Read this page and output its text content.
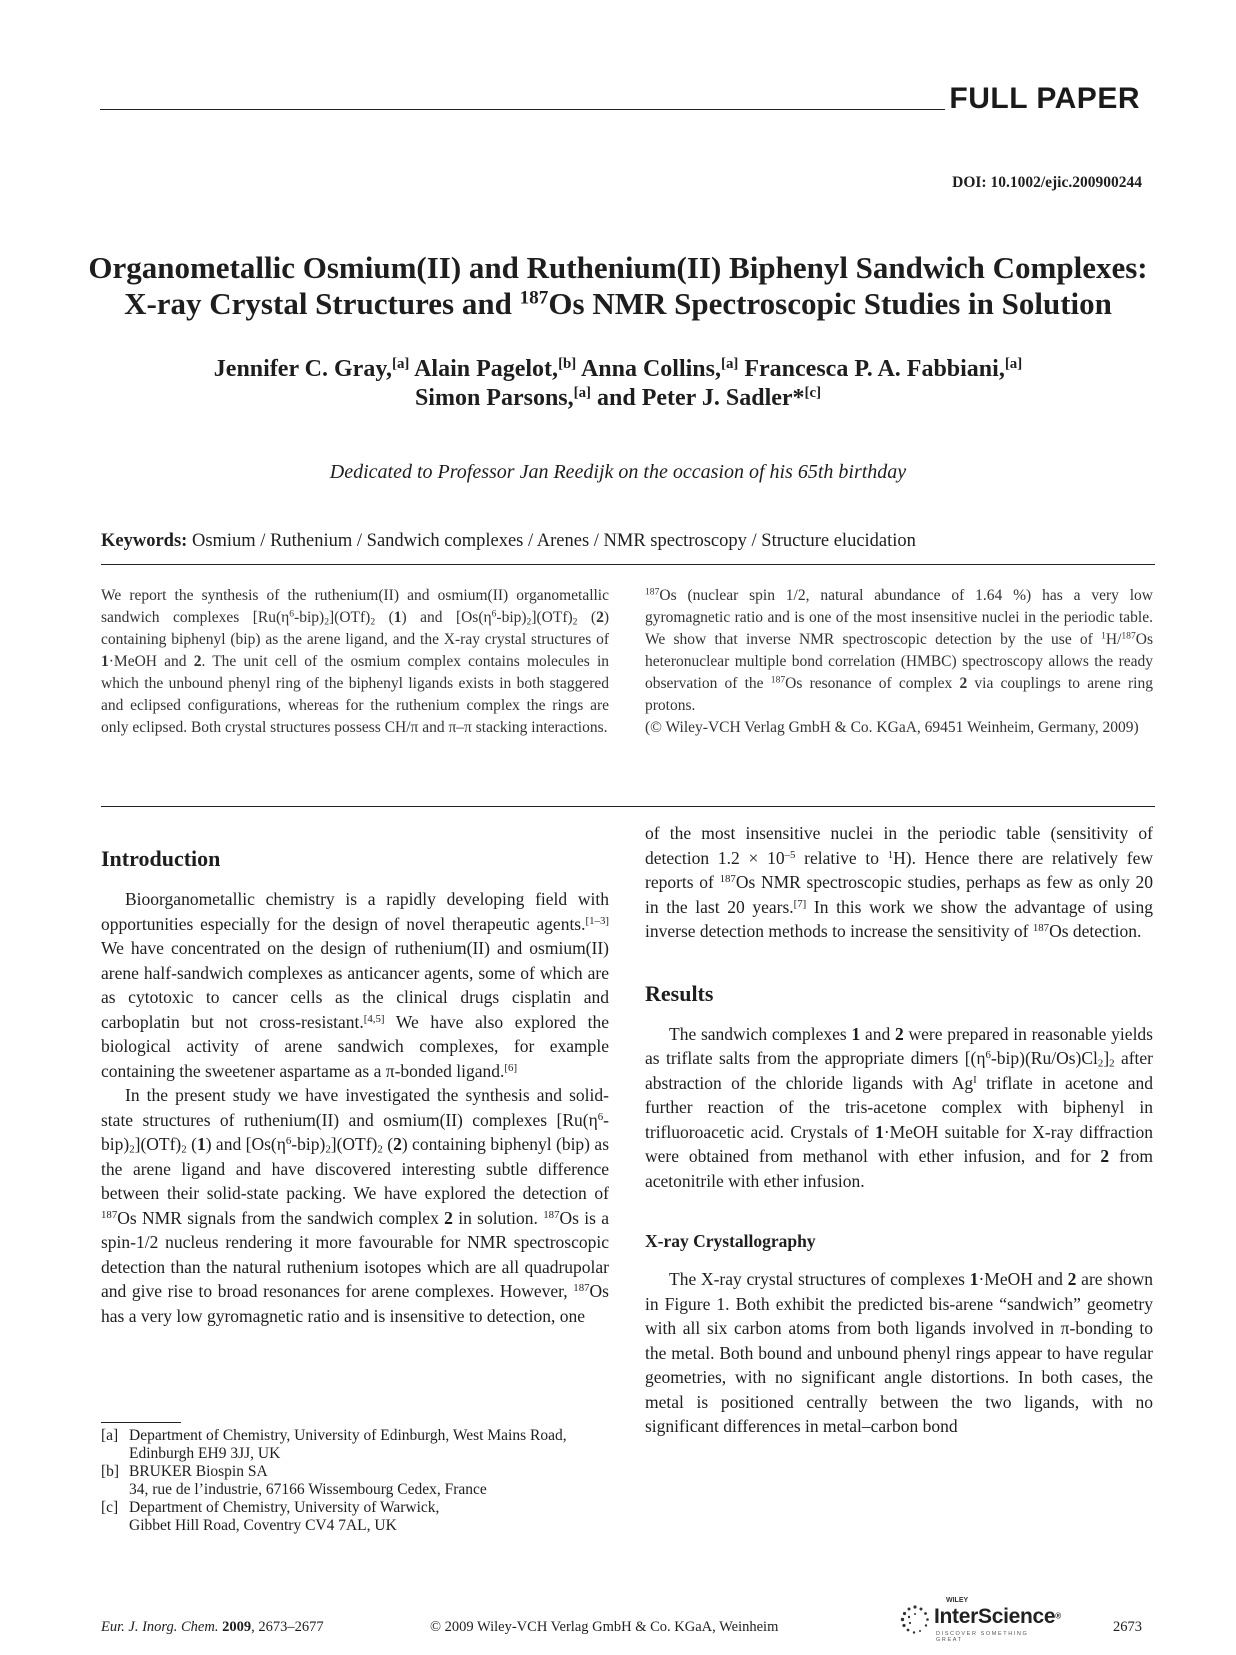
FULL PAPER
DOI: 10.1002/ejic.200900244
Organometallic Osmium(II) and Ruthenium(II) Biphenyl Sandwich Complexes:
X-ray Crystal Structures and $^{187}$Os NMR Spectroscopic Studies in Solution
Jennifer C. Gray,[a] Alain Pagelot,[b] Anna Collins,[a] Francesca P. A. Fabbiani,[a]
Simon Parsons,[a] and Peter J. Sadler*[c]
Dedicated to Professor Jan Reedijk on the occasion of his 65th birthday
Keywords: Osmium / Ruthenium / Sandwich complexes / Arenes / NMR spectroscopy / Structure elucidation
We report the synthesis of the ruthenium(II) and osmium(II) organometallic sandwich complexes $[Ru(\eta^6-bip)_2](OTf)_2$ (1) and $[Os(\eta^6-bip)_2](OTf)_2$ (2) containing biphenyl (bip) as the arene ligand, and the X-ray crystal structures of 1·MeOH and 2. The unit cell of the osmium complex contains molecules in which the unbound phenyl ring of the biphenyl ligands exists in both staggered and eclipsed configurations, whereas for the ruthenium complex the rings are only eclipsed. Both crystal structures possess CH/π and π–π stacking interactions.
$^{187}$Os (nuclear spin 1/2, natural abundance of 1.64 %) has a very low gyromagnetic ratio and is one of the most insensitive nuclei in the periodic table. We show that inverse NMR spectroscopic detection by the use of $^1$H/$^{187}$Os heteronuclear multiple bond correlation (HMBC) spectroscopy allows the ready observation of the $^{187}$Os resonance of complex 2 via couplings to arene ring protons.
(© Wiley-VCH Verlag GmbH & Co. KGaA, 69451 Weinheim, Germany, 2009)
Introduction

Bioorganometallic chemistry is a rapidly developing field with opportunities especially for the design of novel therapeutic agents.[1–3] We have concentrated on the design of ruthenium(II) and osmium(II) arene half-sandwich complexes as anticancer agents, some of which are as cytotoxic to cancer cells as the clinical drugs cisplatin and carboplatin but not cross-resistant.[4,5] We have also explored the biological activity of arene sandwich complexes, for example containing the sweetener aspartame as a π-bonded ligand.[6]

In the present study we have investigated the synthesis and solid-state structures of ruthenium(II) and osmium(II) complexes $[Ru(\eta^6-bip)_2](OTf)_2$ (1) and $[Os(\eta^6-bip)_2](OTf)_2$ (2) containing biphenyl (bip) as the arene ligand and have discovered interesting subtle difference between their solid-state packing. We have explored the detection of $^{187}$Os NMR signals from the sandwich complex 2 in solution. $^{187}$Os is a spin-1/2 nucleus rendering it more favourable for NMR spectroscopic detection than the natural ruthenium isotopes which are all quadrupolar and give rise to broad resonances for arene complexes. However, $^{187}$Os has a very low gyromagnetic ratio and is insensitive to detection, one

[a] Department of Chemistry, University of Edinburgh, West Mains Road,
Edinburgh EH9 3JJ, UK
[b] BRUKER Biospin SA
34, rue de l’industrie, 67166 Wissembourg Cedex, France
[c] Department of Chemistry, University of Warwick,
Gibbet Hill Road, Coventry CV4 7AL, UK

of the most insensitive nuclei in the periodic table (sensitivity of detection $1.2 \times 10^{-5}$ relative to $^1$H). Hence there are relatively few reports of $^{187}$Os NMR spectroscopic studies, perhaps as few as only 20 in the last 20 years.[7] In this work we show the advantage of using inverse detection methods to increase the sensitivity of $^{187}$Os detection.

Results

The sandwich complexes 1 and 2 were prepared in reasonable yields as triflate salts from the appropriate dimers $[(\eta^6-bip)(Ru/Os)Cl_2]_2$ after abstraction of the chloride ligands with $Ag^I$ triflate in acetone and further reaction of the tris-acetone complex with biphenyl in trifluoroacetic acid. Crystals of 1·MeOH suitable for X-ray diffraction were obtained from methanol with ether infusion, and for 2 from acetonitrile with ether infusion.

X-ray Crystallography

The X-ray crystal structures of complexes 1·MeOH and 2 are shown in Figure 1. Both exhibit the predicted bis-arene “sandwich” geometry with all six carbon atoms from both ligands involved in π-bonding to the metal. Both bound and unbound phenyl rings appear to have regular geometries, with no significant angle distortions. In both cases, the metal is positioned centrally between the two ligands, with no significant differences in metal–carbon bond

Eur. J. Inorg. Chem. 2009, 2673–2677	© 2009 Wiley-VCH Verlag GmbH & Co. KGaA, Weinheim
WILEY
InterScience®
DISCOVER SOMETHING GREAT
2673
